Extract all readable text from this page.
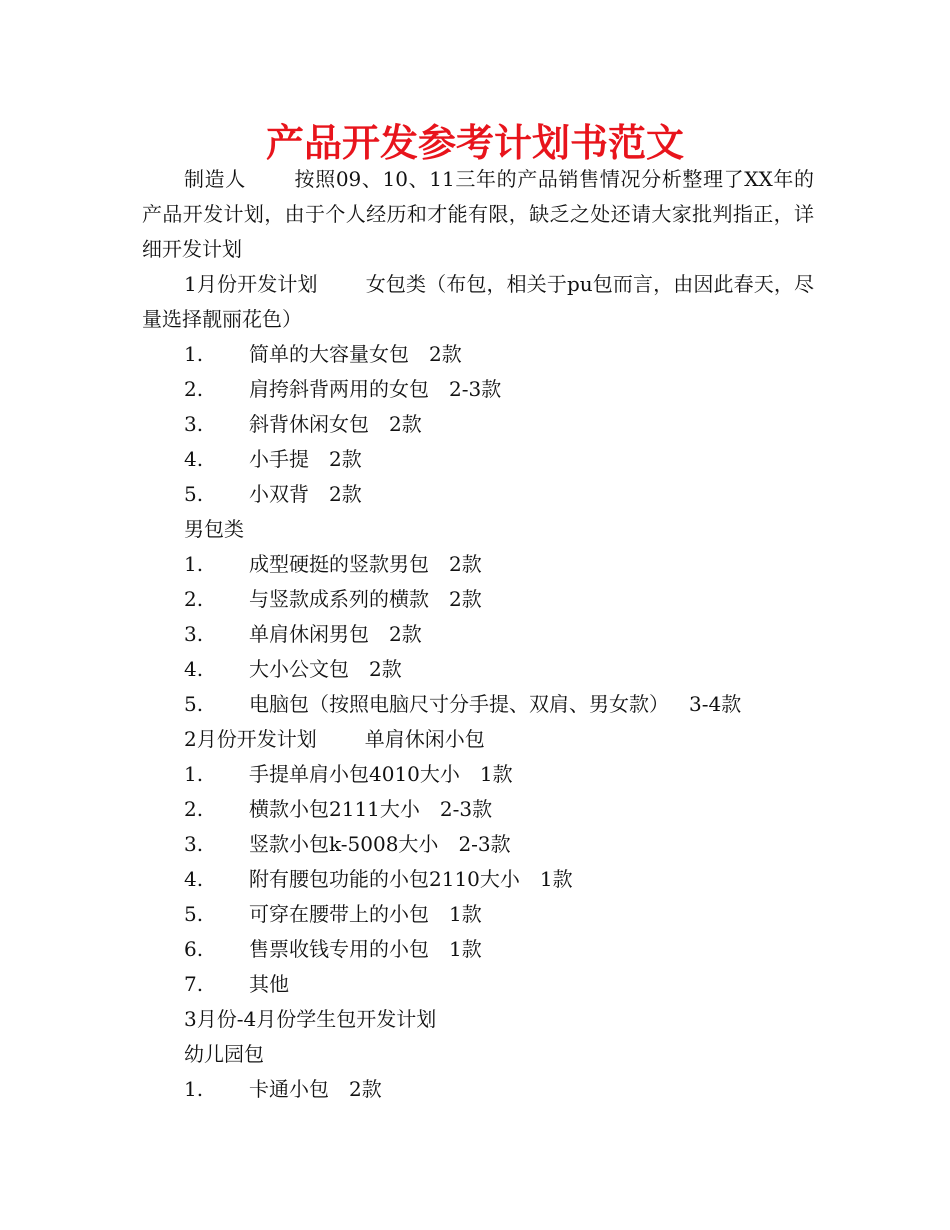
产品开发参考计划书范文

制造人 按照09、10、11三年的产品销售情况分析整理了XX年的产品开发计划，由于个人经历和才能有限，缺乏之处还请大家批判指正，详细开发计划

1月份开发计划 女包类（布包，相关于pu包而言，由因此春天，尽量选择靓丽花色）

1.	简单的大容量女包 2款

2.	肩挎斜背两用的女包 2-3款

3.	斜背休闲女包 2款

4.	小手提 2款

5.	小双背 2款

男包类

1.	成型硬挺的竖款男包 2款

2.	与竖款成系列的横款 2款

3.	单肩休闲男包 2款

4.	大小公文包 2款

5.	电脑包（按照电脑尺寸分手提、双肩、男女款） 3-4款

2月份开发计划 单肩休闲小包

1.	手提单肩小包4010大小 1款

2.	横款小包2111大小 2-3款

3.	竖款小包k-5008大小 2-3款

4.	附有腰包功能的小包2110大小 1款

5.	可穿在腰带上的小包 1款

6.	售票收钱专用的小包 1款

7.	其他

3月份-4月份学生包开发计划

幼儿园包

1.	卡通小包 2款
